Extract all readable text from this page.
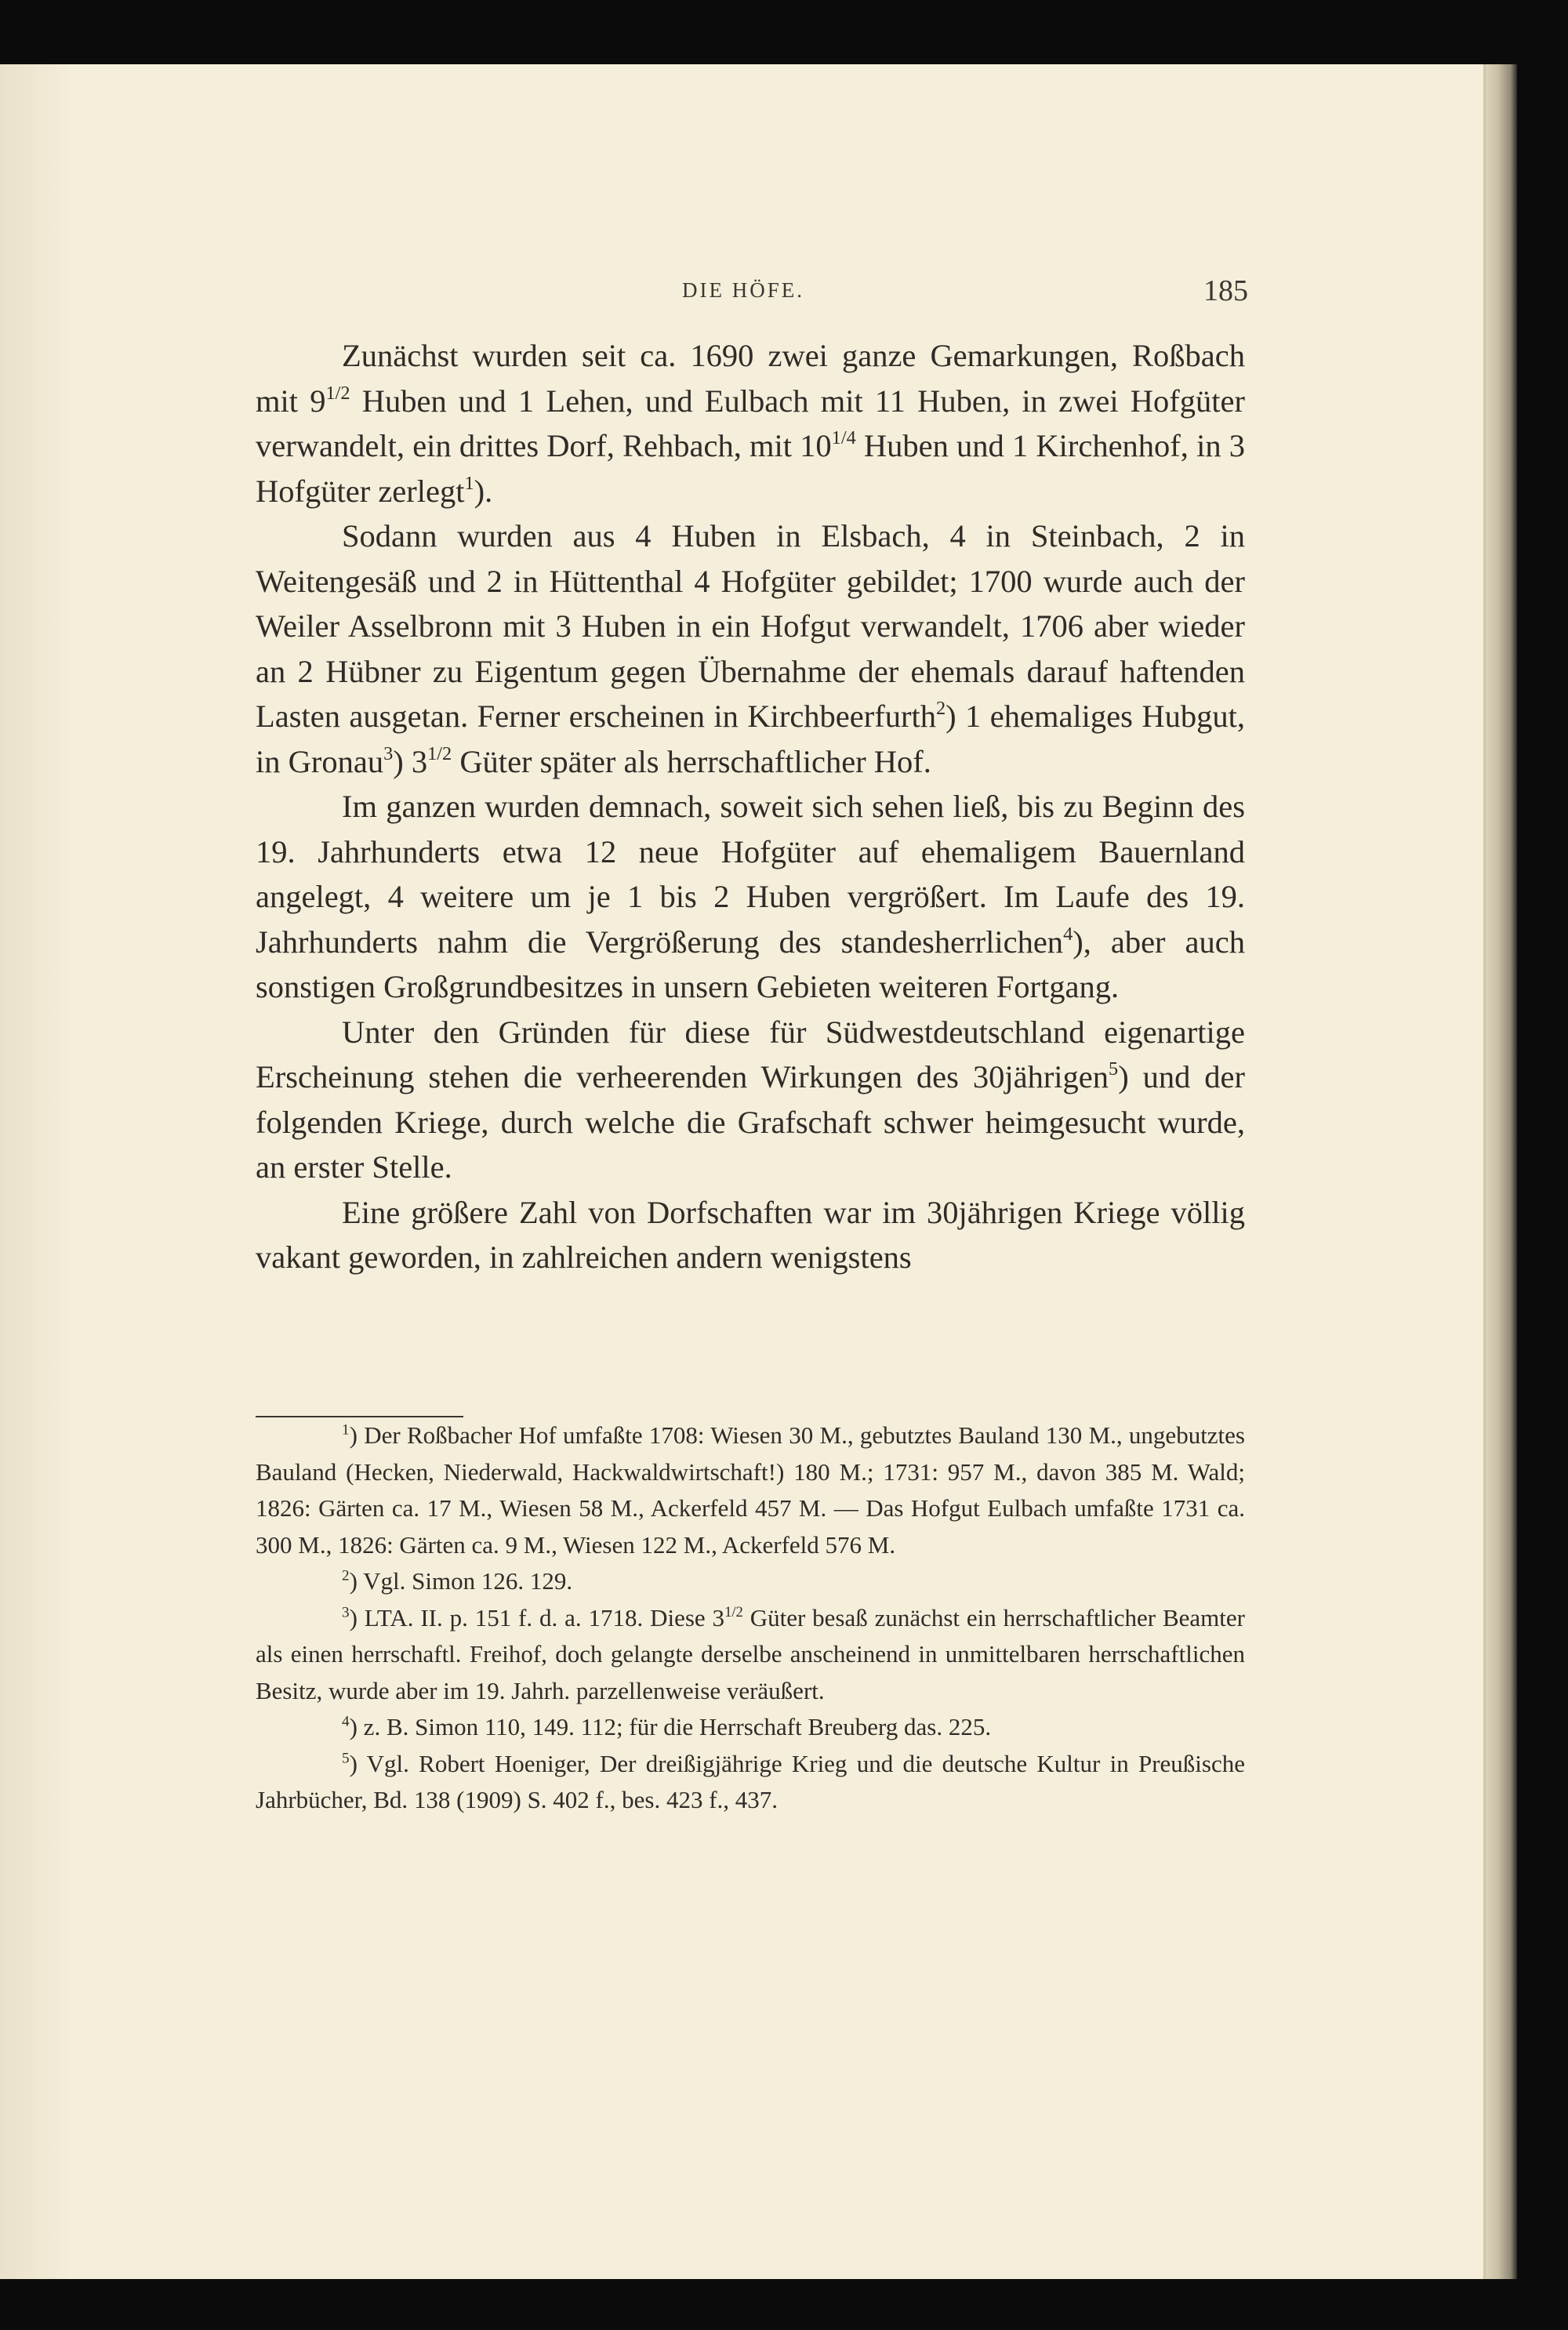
DIE HÖFE.	185

Zunächst wurden seit ca. 1690 zwei ganze Gemarkungen, Roßbach mit $9^{1/2}$ Huben und 1 Lehen, und Eulbach mit 11 Huben, in zwei Hofgüter verwandelt, ein drittes Dorf, Rehbach, mit $10^{1/4}$ Huben und 1 Kirchenhof, in 3 Hofgüter zerlegt$^1$).

Sodann wurden aus 4 Huben in Elsbach, 4 in Steinbach, 2 in Weitengesäß und 2 in Hüttenthal 4 Hofgüter gebildet; 1700 wurde auch der Weiler Asselbronn mit 3 Huben in ein Hofgut verwandelt, 1706 aber wieder an 2 Hübner zu Eigentum gegen Übernahme der ehemals darauf haftenden Lasten ausgetan. Ferner erscheinen in Kirchbeerfurth$^2$) 1 ehemaliges Hubgut, in Gronau$^3$) $3^{1/2}$ Güter später als herrschaftlicher Hof.

Im ganzen wurden demnach, soweit sich sehen ließ, bis zu Beginn des 19. Jahrhunderts etwa 12 neue Hofgüter auf ehemaligem Bauernland angelegt, 4 weitere um je 1 bis 2 Huben vergrößert. Im Laufe des 19. Jahrhunderts nahm die Vergrößerung des standesherrlichen$^4$), aber auch sonstigen Großgrundbesitzes in unsern Gebieten weiteren Fortgang.

Unter den Gründen für diese für Südwestdeutschland eigenartige Erscheinung stehen die verheerenden Wirkungen des 30jährigen$^5$) und der folgenden Kriege, durch welche die Grafschaft schwer heimgesucht wurde, an erster Stelle.

Eine größere Zahl von Dorfschaften war im 30jährigen Kriege völlig vakant geworden, in zahlreichen andern wenigstens

$^1$) Der Roßbacher Hof umfaßte 1708: Wiesen 30 M., gebutztes Bauland 130 M., ungebutztes Bauland (Hecken, Niederwald, Hackwaldwirtschaft!) 180 M.; 1731: 957 M., davon 385 M. Wald; 1826: Gärten ca. 17 M., Wiesen 58 M., Ackerfeld 457 M. — Das Hofgut Eulbach umfaßte 1731 ca. 300 M., 1826: Gärten ca. 9 M., Wiesen 122 M., Ackerfeld 576 M.

$^2$) Vgl. Simon 126. 129.

$^3$) LTA. II. p. 151 f. d. a. 1718. Diese $3^{1/2}$ Güter besaß zunächst ein herrschaftlicher Beamter als einen herrschaftl. Freihof, doch gelangte derselbe anscheinend in unmittelbaren herrschaftlichen Besitz, wurde aber im 19. Jahrh. parzellenweise veräußert.

$^4$) z. B. Simon 110, 149. 112; für die Herrschaft Breuberg das. 225.

$^5$) Vgl. Robert Hoeniger, Der dreißigjährige Krieg und die deutsche Kultur in Preußische Jahrbücher, Bd. 138 (1909) S. 402 f., bes. 423 f., 437.
